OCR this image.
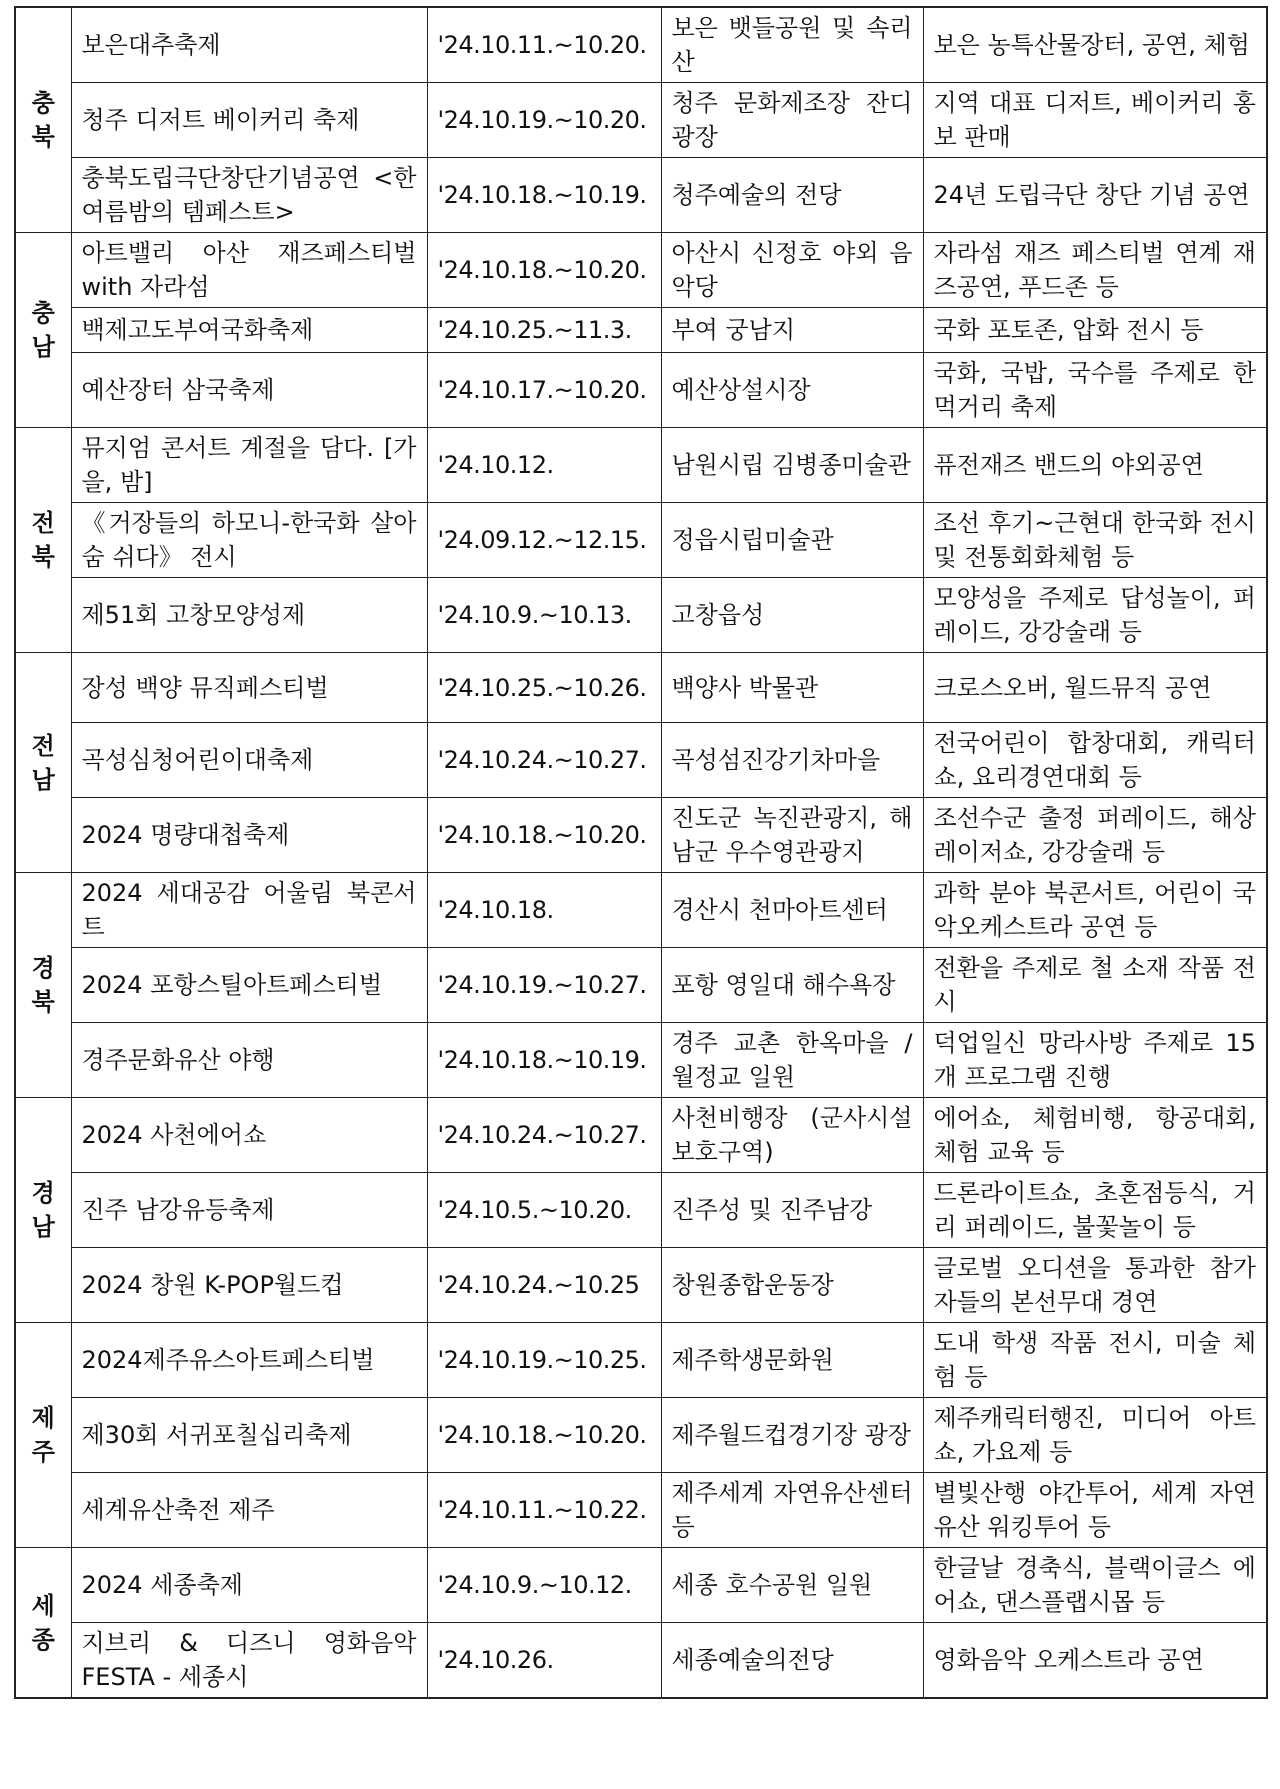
충
북	보은대추축제	'24.10.11.~10.20.	보은 뱃들공원 및 속리산	보은 농특산물장터, 공연, 체험
	청주 디저트 베이커리 축제	'24.10.19.~10.20.	청주 문화제조장 잔디광장	지역 대표 디저트, 베이커리 홍보 판매
	충북도립극단창단기념공연 <한 여름밤의 템페스트>	'24.10.18.~10.19.	청주예술의 전당	24년 도립극단 창단 기념 공연

충
남	아트밸리 아산 재즈페스티벌 with 자라섬	'24.10.18.~10.20.	아산시 신정호 야외 음악당	자라섬 재즈 페스티벌 연계 재즈공연, 푸드존 등
	백제고도부여국화축제	'24.10.25.~11.3.	부여 궁남지	국화 포토존, 압화 전시 등
	예산장터 삼국축제	'24.10.17.~10.20.	예산상설시장	국화, 국밥, 국수를 주제로 한 먹거리 축제

전
북	뮤지엄 콘서트 계절을 담다. [가을, 밤]	'24.10.12.	남원시립 김병종미술관	퓨전재즈 밴드의 야외공연
	《거장들의 하모니-한국화 살아 숨 쉬다》 전시	'24.09.12.~12.15.	정읍시립미술관	조선 후기~근현대 한국화 전시 및 전통회화체험 등
	제51회 고창모양성제	'24.10.9.~10.13.	고창읍성	모양성을 주제로 답성놀이, 퍼레이드, 강강술래 등

전
남	장성 백양 뮤직페스티벌	'24.10.25.~10.26.	백양사 박물관	크로스오버, 월드뮤직 공연
	곡성심청어린이대축제	'24.10.24.~10.27.	곡성섬진강기차마을	전국어린이 합창대회, 캐릭터쇼, 요리경연대회 등
	2024 명량대첩축제	'24.10.18.~10.20.	진도군 녹진관광지, 해남군 우수영관광지	조선수군 출정 퍼레이드, 해상 레이저쇼, 강강술래 등

경
북	2024 세대공감 어울림 북콘서트	'24.10.18.	경산시 천마아트센터	과학 분야 북콘서트, 어린이 국악오케스트라 공연 등
	2024 포항스틸아트페스티벌	'24.10.19.~10.27.	포항 영일대 해수욕장	전환을 주제로 철 소재 작품 전시
	경주문화유산 야행	'24.10.18.~10.19.	경주 교촌 한옥마을 / 월정교 일원	덕업일신 망라사방 주제로 15개 프로그램 진행

경
남	2024 사천에어쇼	'24.10.24.~10.27.	사천비행장 (군사시설보호구역)	에어쇼, 체험비행, 항공대회, 체험 교육 등
	진주 남강유등축제	'24.10.5.~10.20.	진주성 및 진주남강	드론라이트쇼, 초혼점등식, 거리 퍼레이드, 불꽃놀이 등
	2024 창원 K-POP월드컵	'24.10.24.~10.25	창원종합운동장	글로벌 오디션을 통과한 참가자들의 본선무대 경연

제
주	2024제주유스아트페스티벌	'24.10.19.~10.25.	제주학생문화원	도내 학생 작품 전시, 미술 체험 등
	제30회 서귀포칠십리축제	'24.10.18.~10.20.	제주월드컵경기장 광장	제주캐릭터행진, 미디어 아트쇼, 가요제 등
	세계유산축전 제주	'24.10.11.~10.22.	제주세계 자연유산센터 등	별빛산행 야간투어, 세계 자연유산 워킹투어 등

세
종	2024 세종축제	'24.10.9.~10.12.	세종 호수공원 일원	한글날 경축식, 블랙이글스 에어쇼, 댄스플랩시몹 등
	지브리 & 디즈니 영화음악 FESTA - 세종시	'24.10.26.	세종예술의전당	영화음악 오케스트라 공연
